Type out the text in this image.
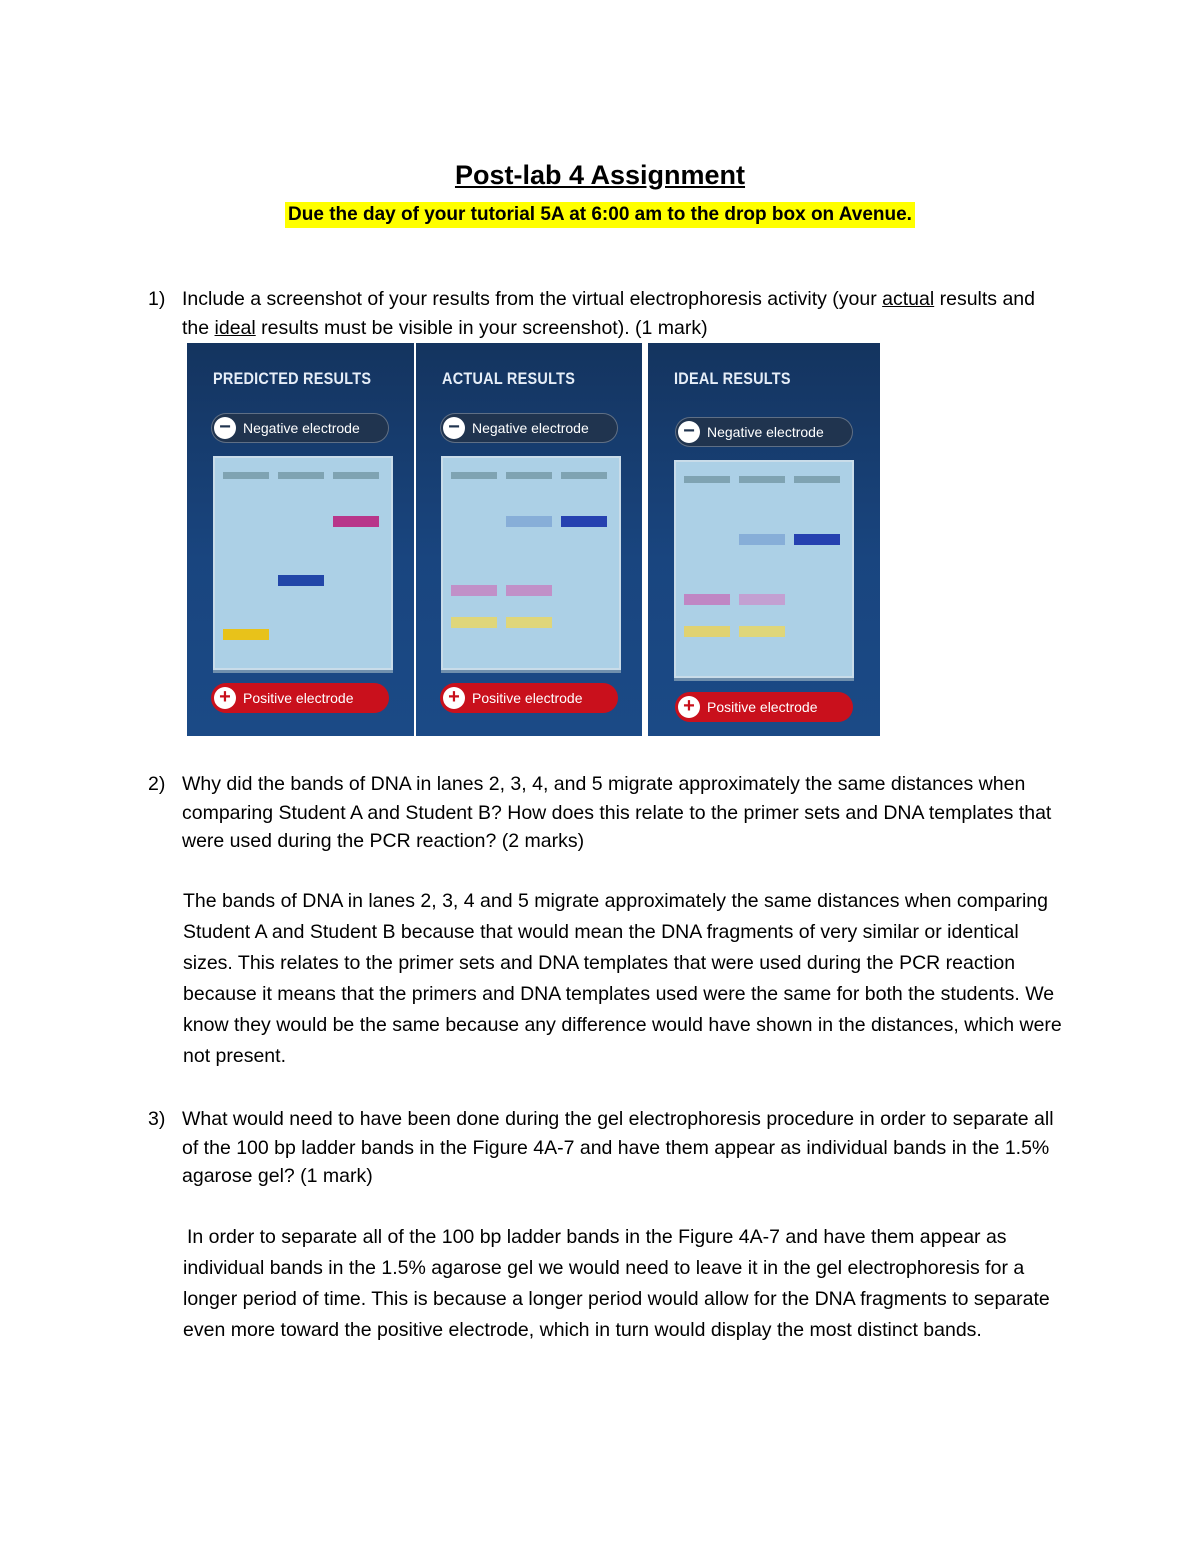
Post-lab 4 Assignment
Due the day of your tutorial 5A at 6:00 am to the drop box on Avenue.
1) Include a screenshot of your results from the virtual electrophoresis activity (your actual results and the ideal results must be visible in your screenshot). (1 mark)
PREDICTED RESULTS
− Negative electrode
+ Positive electrode
ACTUAL RESULTS
− Negative electrode
+ Positive electrode
IDEAL RESULTS
− Negative electrode
+ Positive electrode
2) Why did the bands of DNA in lanes 2, 3, 4, and 5 migrate approximately the same distances when comparing Student A and Student B? How does this relate to the primer sets and DNA templates that were used during the PCR reaction? (2 marks)
The bands of DNA in lanes 2, 3, 4 and 5 migrate approximately the same distances when comparing Student A and Student B because that would mean the DNA fragments of very similar or identical sizes. This relates to the primer sets and DNA templates that were used during the PCR reaction because it means that the primers and DNA templates used were the same for both the students. We know they would be the same because any difference would have shown in the distances, which were not present.
3) What would need to have been done during the gel electrophoresis procedure in order to separate all of the 100 bp ladder bands in the Figure 4A-7 and have them appear as individual bands in the 1.5% agarose gel? (1 mark)
In order to separate all of the 100 bp ladder bands in the Figure 4A-7 and have them appear as individual bands in the 1.5% agarose gel we would need to leave it in the gel electrophoresis for a longer period of time. This is because a longer period would allow for the DNA fragments to separate even more toward the positive electrode, which in turn would display the most distinct bands.
